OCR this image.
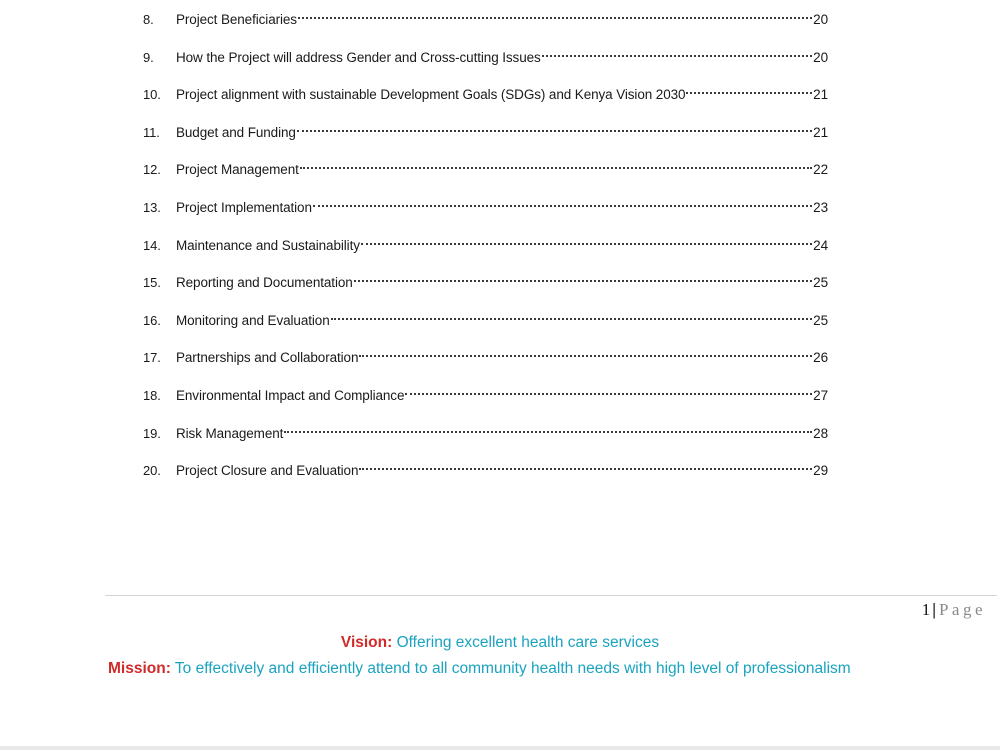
8.	Project Beneficiaries	20
9.	How the Project will address Gender and Cross-cutting Issues	20
10.	Project alignment with sustainable Development Goals (SDGs) and Kenya Vision 2030	21
11.	Budget and Funding	21
12.	Project Management	22
13.	Project Implementation	23
14.	Maintenance and Sustainability	24
15.	Reporting and Documentation	25
16.	Monitoring and Evaluation	25
17.	Partnerships and Collaboration	26
18.	Environmental Impact and Compliance	27
19.	Risk Management	28
20.	Project Closure and Evaluation	29
1 | Page
Vision: Offering excellent health care services
Mission: To effectively and efficiently attend to all community health needs with high level of professionalism
